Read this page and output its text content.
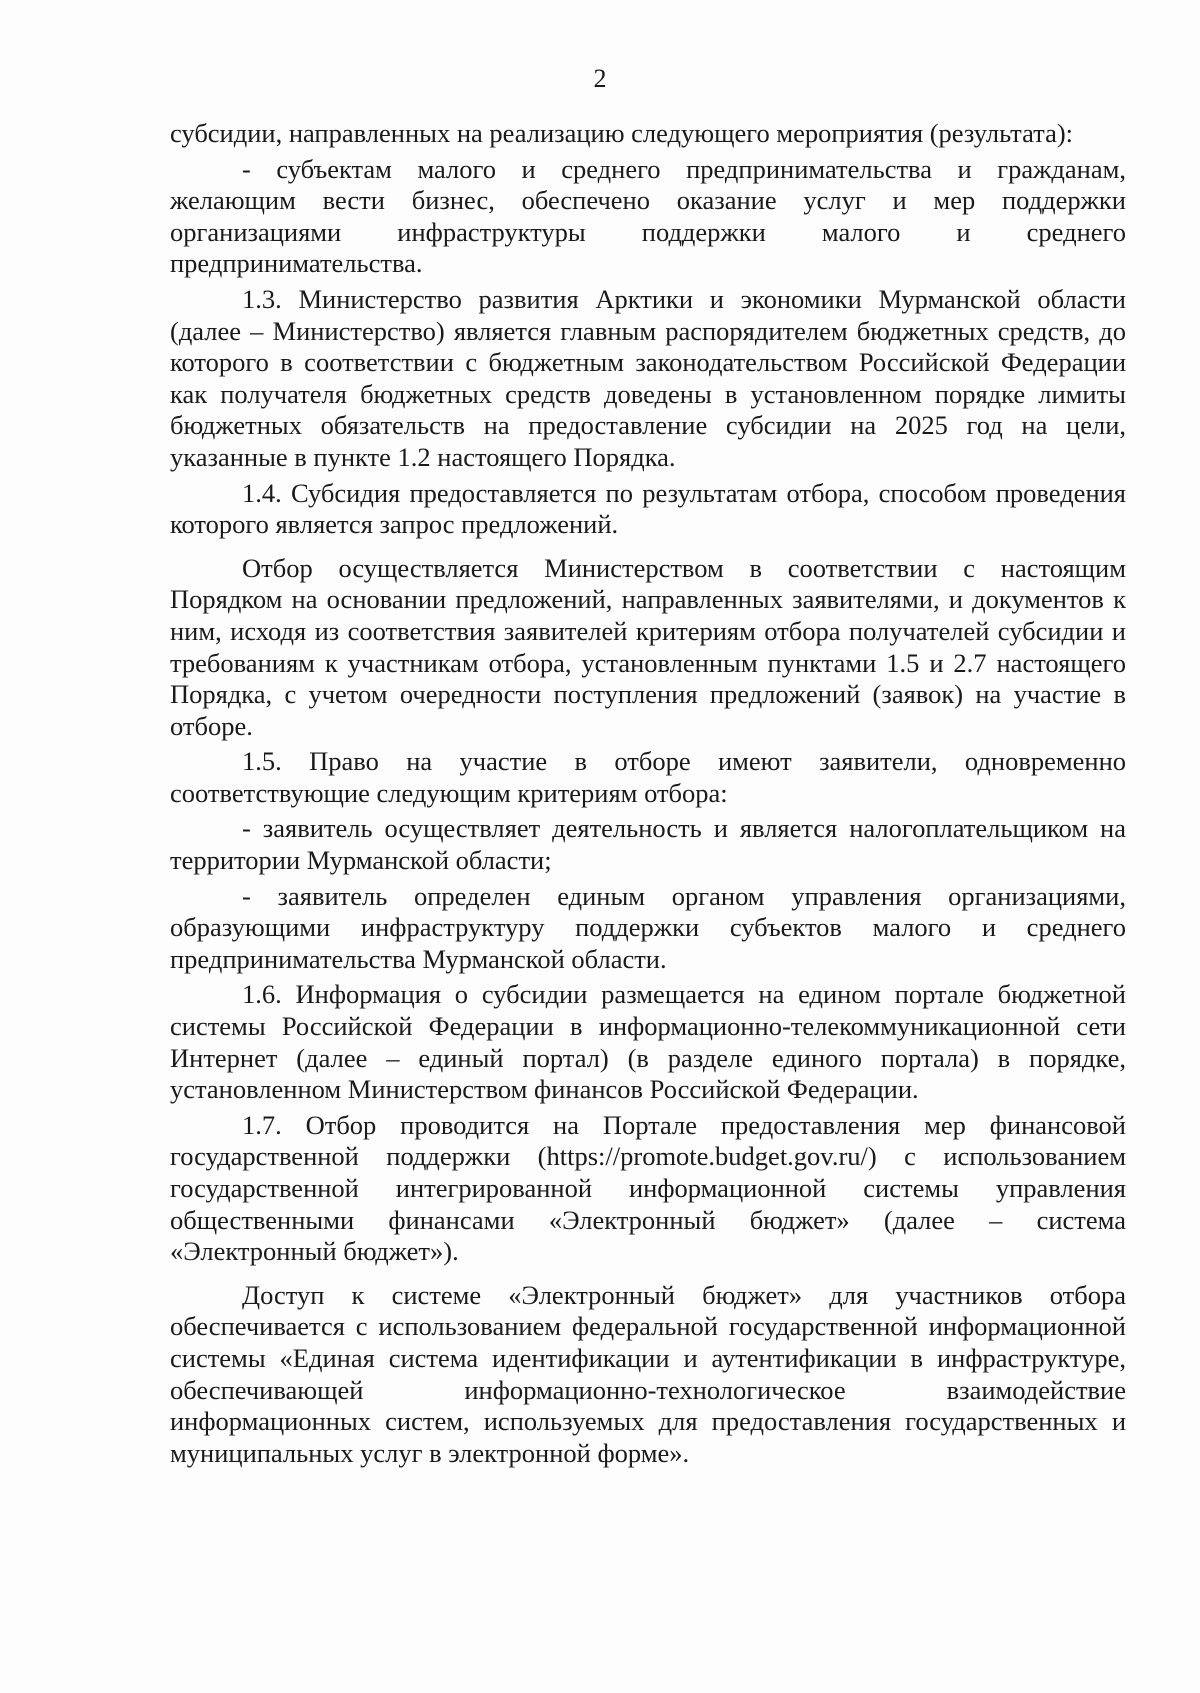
2

субсидии, направленных на реализацию следующего мероприятия (результата):

- субъектам малого и среднего предпринимательства и гражданам, желающим вести бизнес, обеспечено оказание услуг и мер поддержки организациями инфраструктуры поддержки малого и среднего предпринимательства.

1.3. Министерство развития Арктики и экономики Мурманской области (далее – Министерство) является главным распорядителем бюджетных средств, до которого в соответствии с бюджетным законодательством Российской Федерации как получателя бюджетных средств доведены в установленном порядке лимиты бюджетных обязательств на предоставление субсидии на 2025 год на цели, указанные в пункте 1.2 настоящего Порядка.

1.4. Субсидия предоставляется по результатам отбора, способом проведения которого является запрос предложений.

Отбор осуществляется Министерством в соответствии с настоящим Порядком на основании предложений, направленных заявителями, и документов к ним, исходя из соответствия заявителей критериям отбора получателей субсидии и требованиям к участникам отбора, установленным пунктами 1.5 и 2.7 настоящего Порядка, с учетом очередности поступления предложений (заявок) на участие в отборе.

1.5. Право на участие в отборе имеют заявители, одновременно соответствующие следующим критериям отбора:

- заявитель осуществляет деятельность и является налогоплательщиком на территории Мурманской области;

- заявитель определен единым органом управления организациями, образующими инфраструктуру поддержки субъектов малого и среднего предпринимательства Мурманской области.

1.6. Информация о субсидии размещается на едином портале бюджетной системы Российской Федерации в информационно-телекоммуникационной сети Интернет (далее – единый портал) (в разделе единого портала) в порядке, установленном Министерством финансов Российской Федерации.

1.7. Отбор проводится на Портале предоставления мер финансовой государственной поддержки (https://promote.budget.gov.ru/) с использованием государственной интегрированной информационной системы управления общественными финансами «Электронный бюджет» (далее – система «Электронный бюджет»).

Доступ к системе «Электронный бюджет» для участников отбора обеспечивается с использованием федеральной государственной информационной системы «Единая система идентификации и аутентификации в инфраструктуре, обеспечивающей информационно-технологическое взаимодействие информационных систем, используемых для предоставления государственных и муниципальных услуг в электронной форме».
